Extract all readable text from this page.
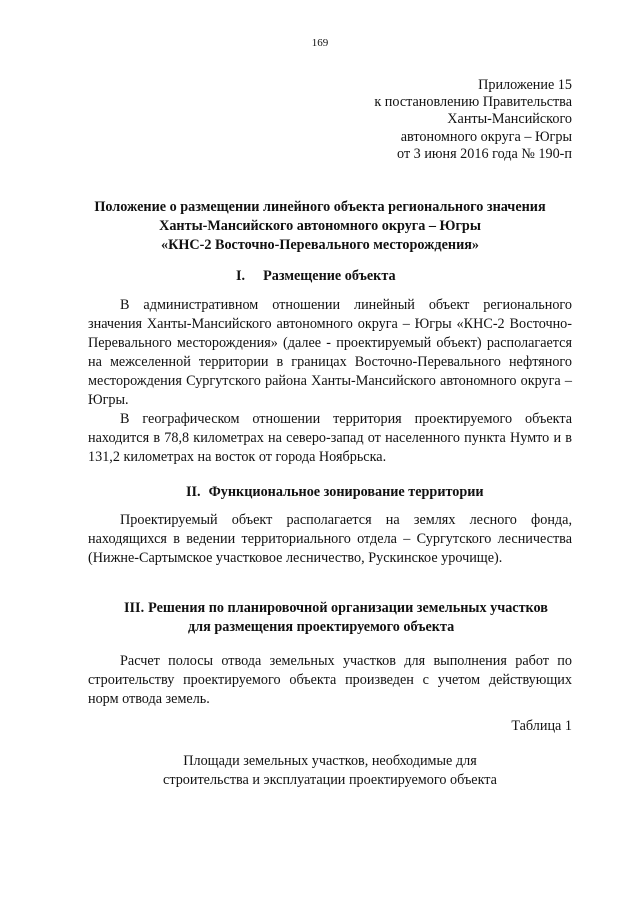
169
Приложение 15
к постановлению Правительства
Ханты-Мансийского
автономного округа – Югры
от 3 июня 2016 года № 190-п
Положение о размещении линейного объекта регионального значения
Ханты-Мансийского автономного округа – Югры
«КНС-2 Восточно-Перевального месторождения»
I. Размещение объекта

В административном отношении линейный объект регионального значения Ханты-Мансийского автономного округа – Югры «КНС-2 Восточно-Перевального месторождения» (далее - проектируемый объект) располагается на межселенной территории в границах Восточно-Перевального нефтяного месторождения Сургутского района Ханты-Мансийского автономного округа – Югры.

В географическом отношении территория проектируемого объекта находится в 78,8 километрах на северо-запад от населенного пункта Нумто и в 131,2 километрах на восток от города Ноябрьска.

II. Функциональное зонирование территории

Проектируемый объект располагается на землях лесного фонда, находящихся в ведении территориального отдела – Сургутского лесничества (Нижне-Сартымское участковое лесничество, Рускинское урочище).

III. Решения по планировочной организации земельных участков
для размещения проектируемого объекта

Расчет полосы отвода земельных участков для выполнения работ по строительству проектируемого объекта произведен с учетом действующих норм отвода земель.

Таблица 1
Площади земельных участков, необходимые для
строительства и эксплуатации проектируемого объекта
